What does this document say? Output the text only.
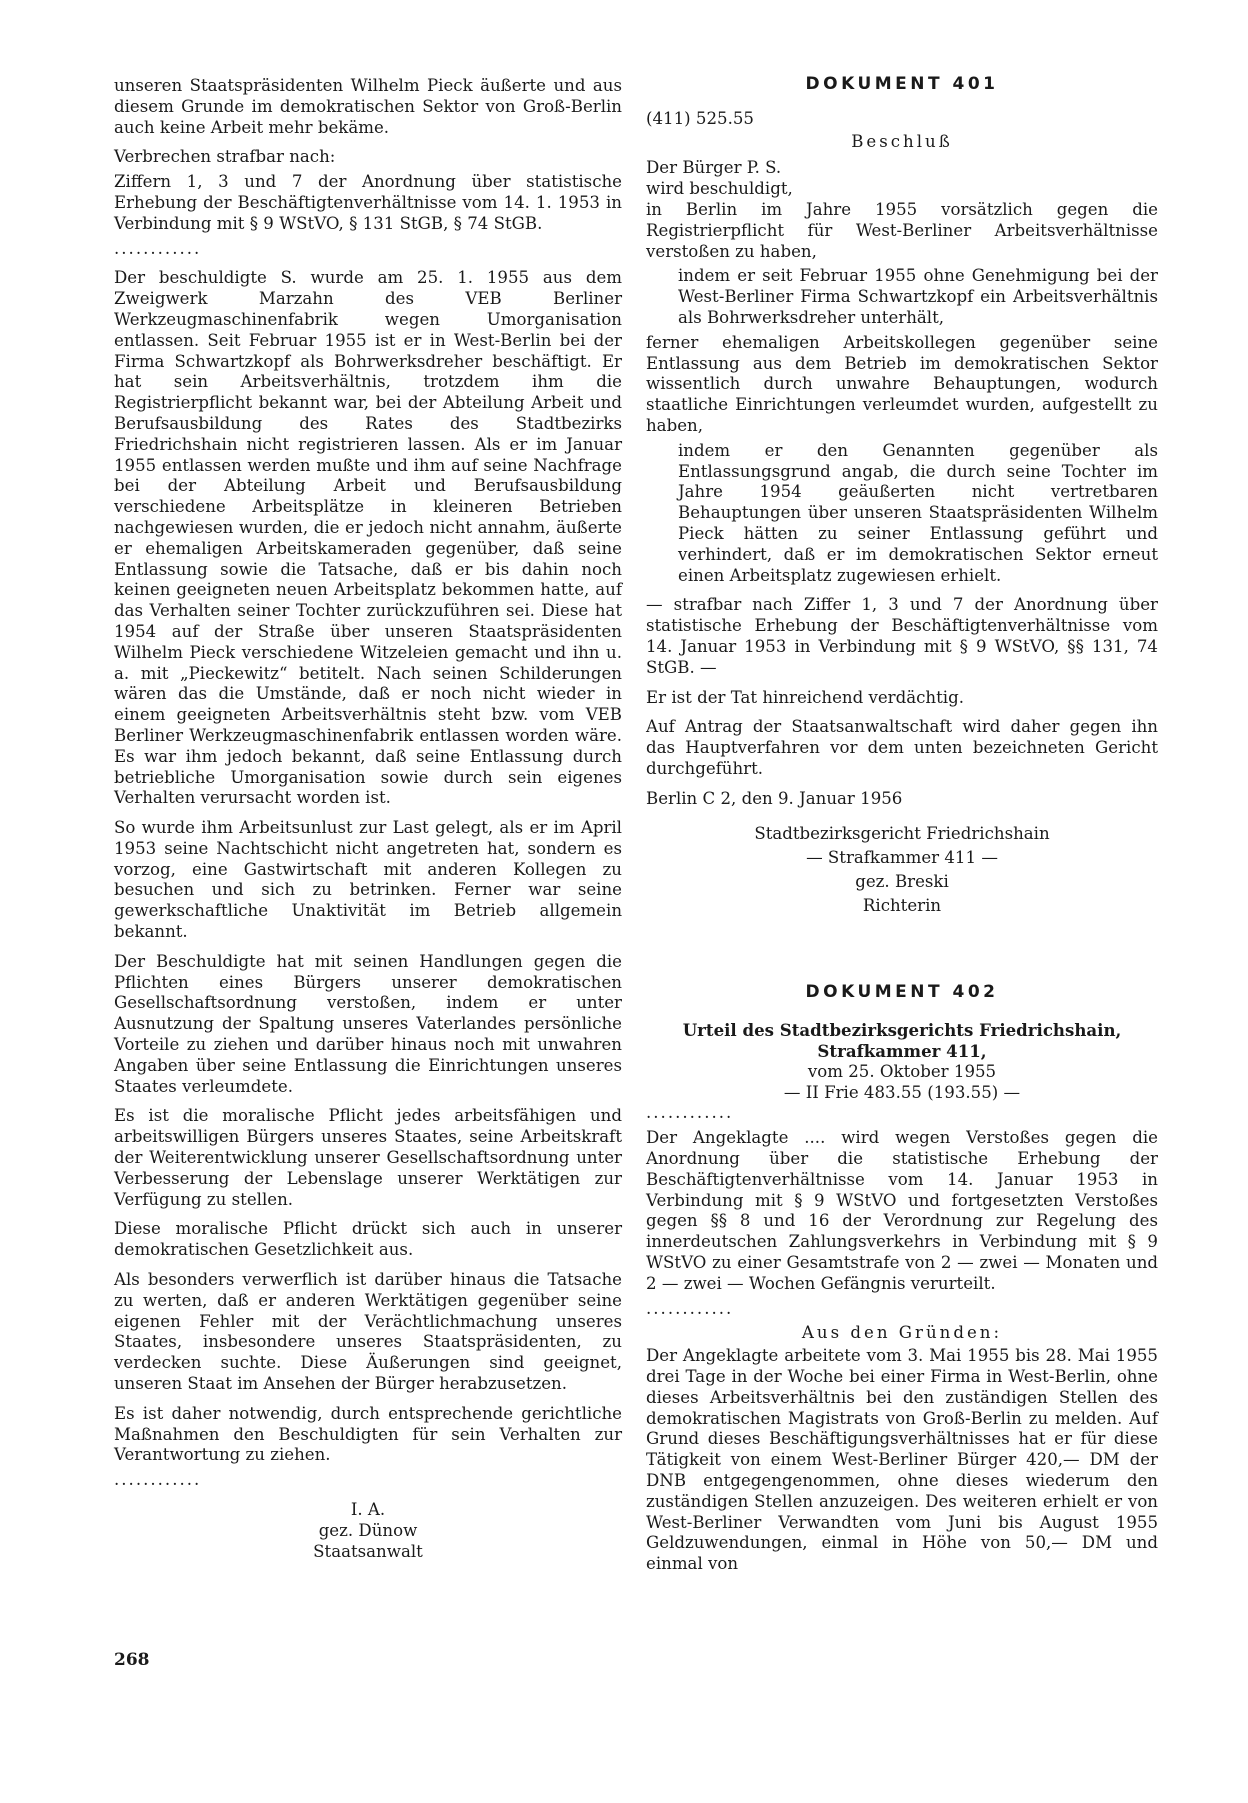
unseren Staatspräsidenten Wilhelm Pieck äußerte und aus diesem Grunde im demokratischen Sektor von Groß-Berlin auch keine Arbeit mehr bekäme.

Verbrechen strafbar nach:

Ziffern 1, 3 und 7 der Anordnung über statistische Erhebung der Beschäftigtenverhältnisse vom 14. 1. 1953 in Verbindung mit § 9 WStVO, § 131 StGB, § 74 StGB.

............

Der beschuldigte S. wurde am 25. 1. 1955 aus dem Zweigwerk Marzahn des VEB Berliner Werkzeugmaschinenfabrik wegen Umorganisation entlassen. Seit Februar 1955 ist er in West-Berlin bei der Firma Schwartzkopf als Bohrwerksdreher beschäftigt. Er hat sein Arbeitsverhältnis, trotzdem ihm die Registrierpflicht bekannt war, bei der Abteilung Arbeit und Berufsausbildung des Rates des Stadtbezirks Friedrichshain nicht registrieren lassen. Als er im Januar 1955 entlassen werden mußte und ihm auf seine Nachfrage bei der Abteilung Arbeit und Berufsausbildung verschiedene Arbeitsplätze in kleineren Betrieben nachgewiesen wurden, die er jedoch nicht annahm, äußerte er ehemaligen Arbeitskameraden gegenüber, daß seine Entlassung sowie die Tatsache, daß er bis dahin noch keinen geeigneten neuen Arbeitsplatz bekommen hatte, auf das Verhalten seiner Tochter zurückzuführen sei. Diese hat 1954 auf der Straße über unseren Staatspräsidenten Wilhelm Pieck verschiedene Witzeleien gemacht und ihn u. a. mit „Pieckewitz“ betitelt. Nach seinen Schilderungen wären das die Umstände, daß er noch nicht wieder in einem geeigneten Arbeitsverhältnis steht bzw. vom VEB Berliner Werkzeugmaschinenfabrik entlassen worden wäre. Es war ihm jedoch bekannt, daß seine Entlassung durch betriebliche Umorganisation sowie durch sein eigenes Verhalten verursacht worden ist.

So wurde ihm Arbeitsunlust zur Last gelegt, als er im April 1953 seine Nachtschicht nicht angetreten hat, sondern es vorzog, eine Gastwirtschaft mit anderen Kollegen zu besuchen und sich zu betrinken. Ferner war seine gewerkschaftliche Unaktivität im Betrieb allgemein bekannt.

Der Beschuldigte hat mit seinen Handlungen gegen die Pflichten eines Bürgers unserer demokratischen Gesellschaftsordnung verstoßen, indem er unter Ausnutzung der Spaltung unseres Vaterlandes persönliche Vorteile zu ziehen und darüber hinaus noch mit unwahren Angaben über seine Entlassung die Einrichtungen unseres Staates verleumdete.

Es ist die moralische Pflicht jedes arbeitsfähigen und arbeitswilligen Bürgers unseres Staates, seine Arbeitskraft der Weiterentwicklung unserer Gesellschaftsordnung unter Verbesserung der Lebenslage unserer Werktätigen zur Verfügung zu stellen.

Diese moralische Pflicht drückt sich auch in unserer demokratischen Gesetzlichkeit aus.

Als besonders verwerflich ist darüber hinaus die Tatsache zu werten, daß er anderen Werktätigen gegenüber seine eigenen Fehler mit der Verächtlichmachung unseres Staates, insbesondere unseres Staatspräsidenten, zu verdecken suchte. Diese Äußerungen sind geeignet, unseren Staat im Ansehen der Bürger herabzusetzen.

Es ist daher notwendig, durch entsprechende gerichtliche Maßnahmen den Beschuldigten für sein Verhalten zur Verantwortung zu ziehen.

............
I. A.
gez. Dünow
Staatsanwalt
DOKUMENT 401
(411) 525.55
Beschluß
Der Bürger P. S.
wird beschuldigt,

in Berlin im Jahre 1955 vorsätzlich gegen die Registrierpflicht für West-Berliner Arbeitsverhältnisse verstoßen zu haben,

indem er seit Februar 1955 ohne Genehmigung bei der West-Berliner Firma Schwartzkopf ein Arbeitsverhältnis als Bohrwerksdreher unterhält,

ferner ehemaligen Arbeitskollegen gegenüber seine Entlassung aus dem Betrieb im demokratischen Sektor wissentlich durch unwahre Behauptungen, wodurch staatliche Einrichtungen verleumdet wurden, aufgestellt zu haben,

indem er den Genannten gegenüber als Entlassungsgrund angab, die durch seine Tochter im Jahre 1954 geäußerten nicht vertretbaren Behauptungen über unseren Staatspräsidenten Wilhelm Pieck hätten zu seiner Entlassung geführt und verhindert, daß er im demokratischen Sektor erneut einen Arbeitsplatz zugewiesen erhielt.

— strafbar nach Ziffer 1, 3 und 7 der Anordnung über statistische Erhebung der Beschäftigtenverhältnisse vom 14. Januar 1953 in Verbindung mit § 9 WStVO, §§ 131, 74 StGB. —

Er ist der Tat hinreichend verdächtig.

Auf Antrag der Staatsanwaltschaft wird daher gegen ihn das Hauptverfahren vor dem unten bezeichneten Gericht durchgeführt.

Berlin C 2, den 9. Januar 1956

Stadtbezirksgericht Friedrichshain
— Strafkammer 411 —
gez. Breski
Richterin
DOKUMENT 402
Urteil des Stadtbezirksgerichts Friedrichshain, Strafkammer 411,
vom 25. Oktober 1955
— II Frie 483.55 (193.55) —
............

Der Angeklagte .... wird wegen Verstoßes gegen die Anordnung über die statistische Erhebung der Beschäftigtenverhältnisse vom 14. Januar 1953 in Verbindung mit § 9 WStVO und fortgesetzten Verstoßes gegen §§ 8 und 16 der Verordnung zur Regelung des innerdeutschen Zahlungsverkehrs in Verbindung mit § 9 WStVO zu einer Gesamtstrafe von 2 — zwei — Monaten und 2 — zwei — Wochen Gefängnis verurteilt.

............
Aus den Gründen:

Der Angeklagte arbeitete vom 3. Mai 1955 bis 28. Mai 1955 drei Tage in der Woche bei einer Firma in West-Berlin, ohne dieses Arbeitsverhältnis bei den zuständigen Stellen des demokratischen Magistrats von Groß-Berlin zu melden. Auf Grund dieses Beschäftigungsverhältnisses hat er für diese Tätigkeit von einem West-Berliner Bürger 420,— DM der DNB entgegengenommen, ohne dieses wiederum den zuständigen Stellen anzuzeigen. Des weiteren erhielt er von West-Berliner Verwandten vom Juni bis August 1955 Geldzuwendungen, einmal in Höhe von 50,— DM und einmal von

268
